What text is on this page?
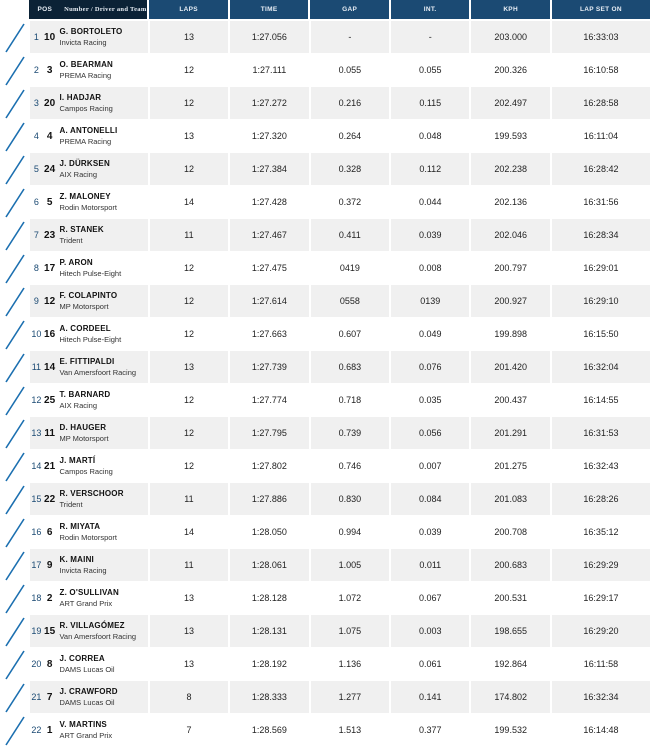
POS Number / Driver and Team	LAPS	TIME	GAP	INT.	KPH	LAP SET ON
1 10 G. BORTOLETO
Invicta Racing
13	1:27.056	-	-	203.000	16:33:03
2 3 O. BEARMAN
PREMA Racing
12	1:27.111	0.055	0.055	200.326	16:10:58
3 20 I. HADJAR
Campos Racing
12	1:27.272	0.216	0.115	202.497	16:28:58
4 4 A. ANTONELLI
PREMA Racing
13	1:27.320	0.264	0.048	199.593	16:11:04
5 24 J. DÜRKSEN
AIX Racing
12	1:27.384	0.328	0.112	202.238	16:28:42
6 5 Z. MALONEY
Rodin Motorsport
14	1:27.428	0.372	0.044	202.136	16:31:56
7 23 R. STANEK
Trident
11	1:27.467	0.411	0.039	202.046	16:28:34
8 17 P. ARON
Hitech Pulse-Eight
12	1:27.475	0419	0.008	200.797	16:29:01
9 12 F. COLAPINTO
MP Motorsport
12	1:27.614	0558	0139	200.927	16:29:10
10 16 A. CORDEEL
Hitech Pulse-Eight
12	1:27.663	0.607	0.049	199.898	16:15:50
11 14 E. FITTIPALDI
Van Amersfoort Racing
13	1:27.739	0.683	0.076	201.420	16:32:04
12 25 T. BARNARD
AIX Racing
12	1:27.774	0.718	0.035	200.437	16:14:55
13 11 D. HAUGER
MP Motorsport
12	1:27.795	0.739	0.056	201.291	16:31:53
14 21 J. MARTÍ
Campos Racing
12	1:27.802	0.746	0.007	201.275	16:32:43
15 22 R. VERSCHOOR
Trident
11	1:27.886	0.830	0.084	201.083	16:28:26
16 6 R. MIYATA
Rodin Motorsport
14	1:28.050	0.994	0.039	200.708	16:35:12
17 9 K. MAINI
Invicta Racing
11	1:28.061	1.005	0.011	200.683	16:29:29
18 2 Z. O'SULLIVAN
ART Grand Prix
13	1:28.128	1.072	0.067	200.531	16:29:17
19 15 R. VILLAGÓMEZ
Van Amersfoort Racing
13	1:28.131	1.075	0.003	198.655	16:29:20
20 8 J. CORREA
DAMS Lucas Oil
13	1:28.192	1.136	0.061	192.864	16:11:58
21 7 J. CRAWFORD
DAMS Lucas Oil
8	1:28.333	1.277	0.141	174.802	16:32:34
22 1 V. MARTINS
ART Grand Prix
7	1:28.569	1.513	0.377	199.532	16:14:48
